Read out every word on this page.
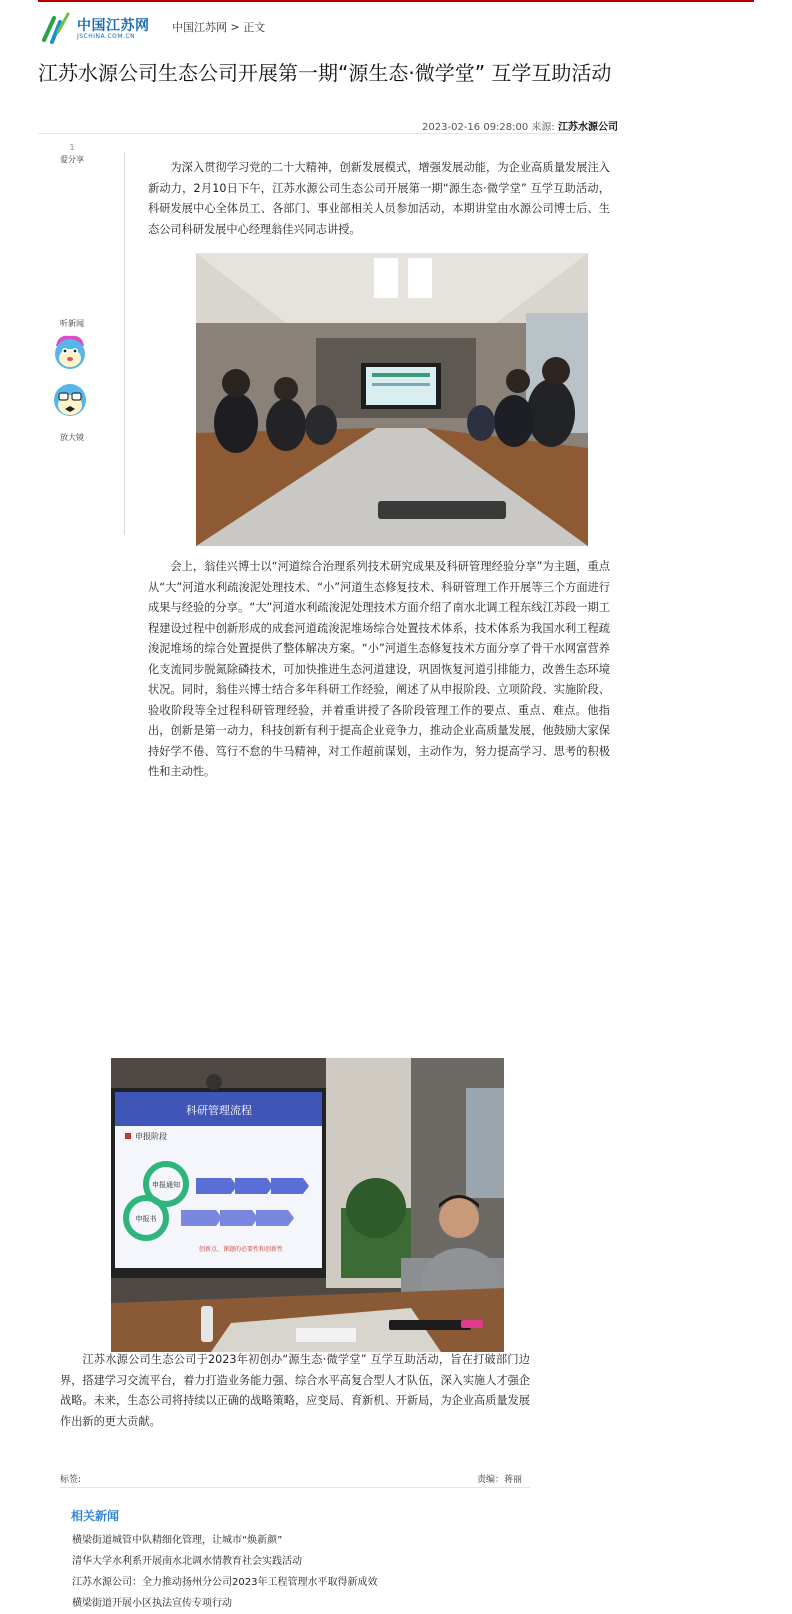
中国江苏网
JSCHINA.COM.CN
中国江苏网 > 正文
江苏水源公司生态公司开展第一期“源生态·微学堂” 互学互助活动
2023-02-16 09:28:00 来源: 江苏水源公司
1
爱分享
听新闻
放大镜

为深入贯彻学习党的二十大精神，创新发展模式，增强发展动能，为企业高质量发展注入新动力，2月10日下午，江苏水源公司生态公司开展第一期“源生态·微学堂” 互学互助活动，科研发展中心全体员工、各部门、事业部相关人员参加活动，本期讲堂由水源公司博士后、生态公司科研发展中心经理翁佳兴同志讲授。

会上，翁佳兴博士以“河道综合治理系列技术研究成果及科研管理经验分享”为主题，重点从“大”河道水利疏浚泥处理技术、“小”河道生态修复技术、科研管理工作开展等三个方面进行成果与经验的分享。“大”河道水利疏浚泥处理技术方面介绍了南水北调工程东线江苏段一期工程建设过程中创新形成的成套河道疏浚泥堆场综合处置技术体系，技术体系为我国水利工程疏浚泥堆场的综合处置提供了整体解决方案。“小”河道生态修复技术方面分享了骨干水网富营养化支流同步脱氮除磷技术，可加快推进生态河道建设，巩固恢复河道引排能力，改善生态环境状况。同时，翁佳兴博士结合多年科研工作经验，阐述了从申报阶段、立项阶段、实施阶段、验收阶段等全过程科研管理经验，并着重讲授了各阶段管理工作的要点、重点、难点。他指出，创新是第一动力，科技创新有利于提高企业竞争力，推动企业高质量发展，他鼓励大家保持好学不倦、笃行不怠的牛马精神，对工作超前谋划，主动作为，努力提高学习、思考的积极性和主动性。

科研管理流程
申报阶段
申报通知
申报书
创新点、课题的必要性和创新性

江苏水源公司生态公司于2023年初创办“源生态·微学堂” 互学互助活动，旨在打破部门边界，搭建学习交流平台，着力打造业务能力强、综合水平高复合型人才队伍，深入实施人才强企战略。未来，生态公司将持续以正确的战略策略，应变局、育新机、开新局，为企业高质量发展作出新的更大贡献。

标签:	责编：蒋丽
相关新闻
横梁街道城管中队精细化管理，让城市“焕新颜”
清华大学水利系开展南水北调水情教育社会实践活动
江苏水源公司：全力推动扬州分公司2023年工程管理水平取得新成效
横梁街道开展小区执法宣传专项行动
